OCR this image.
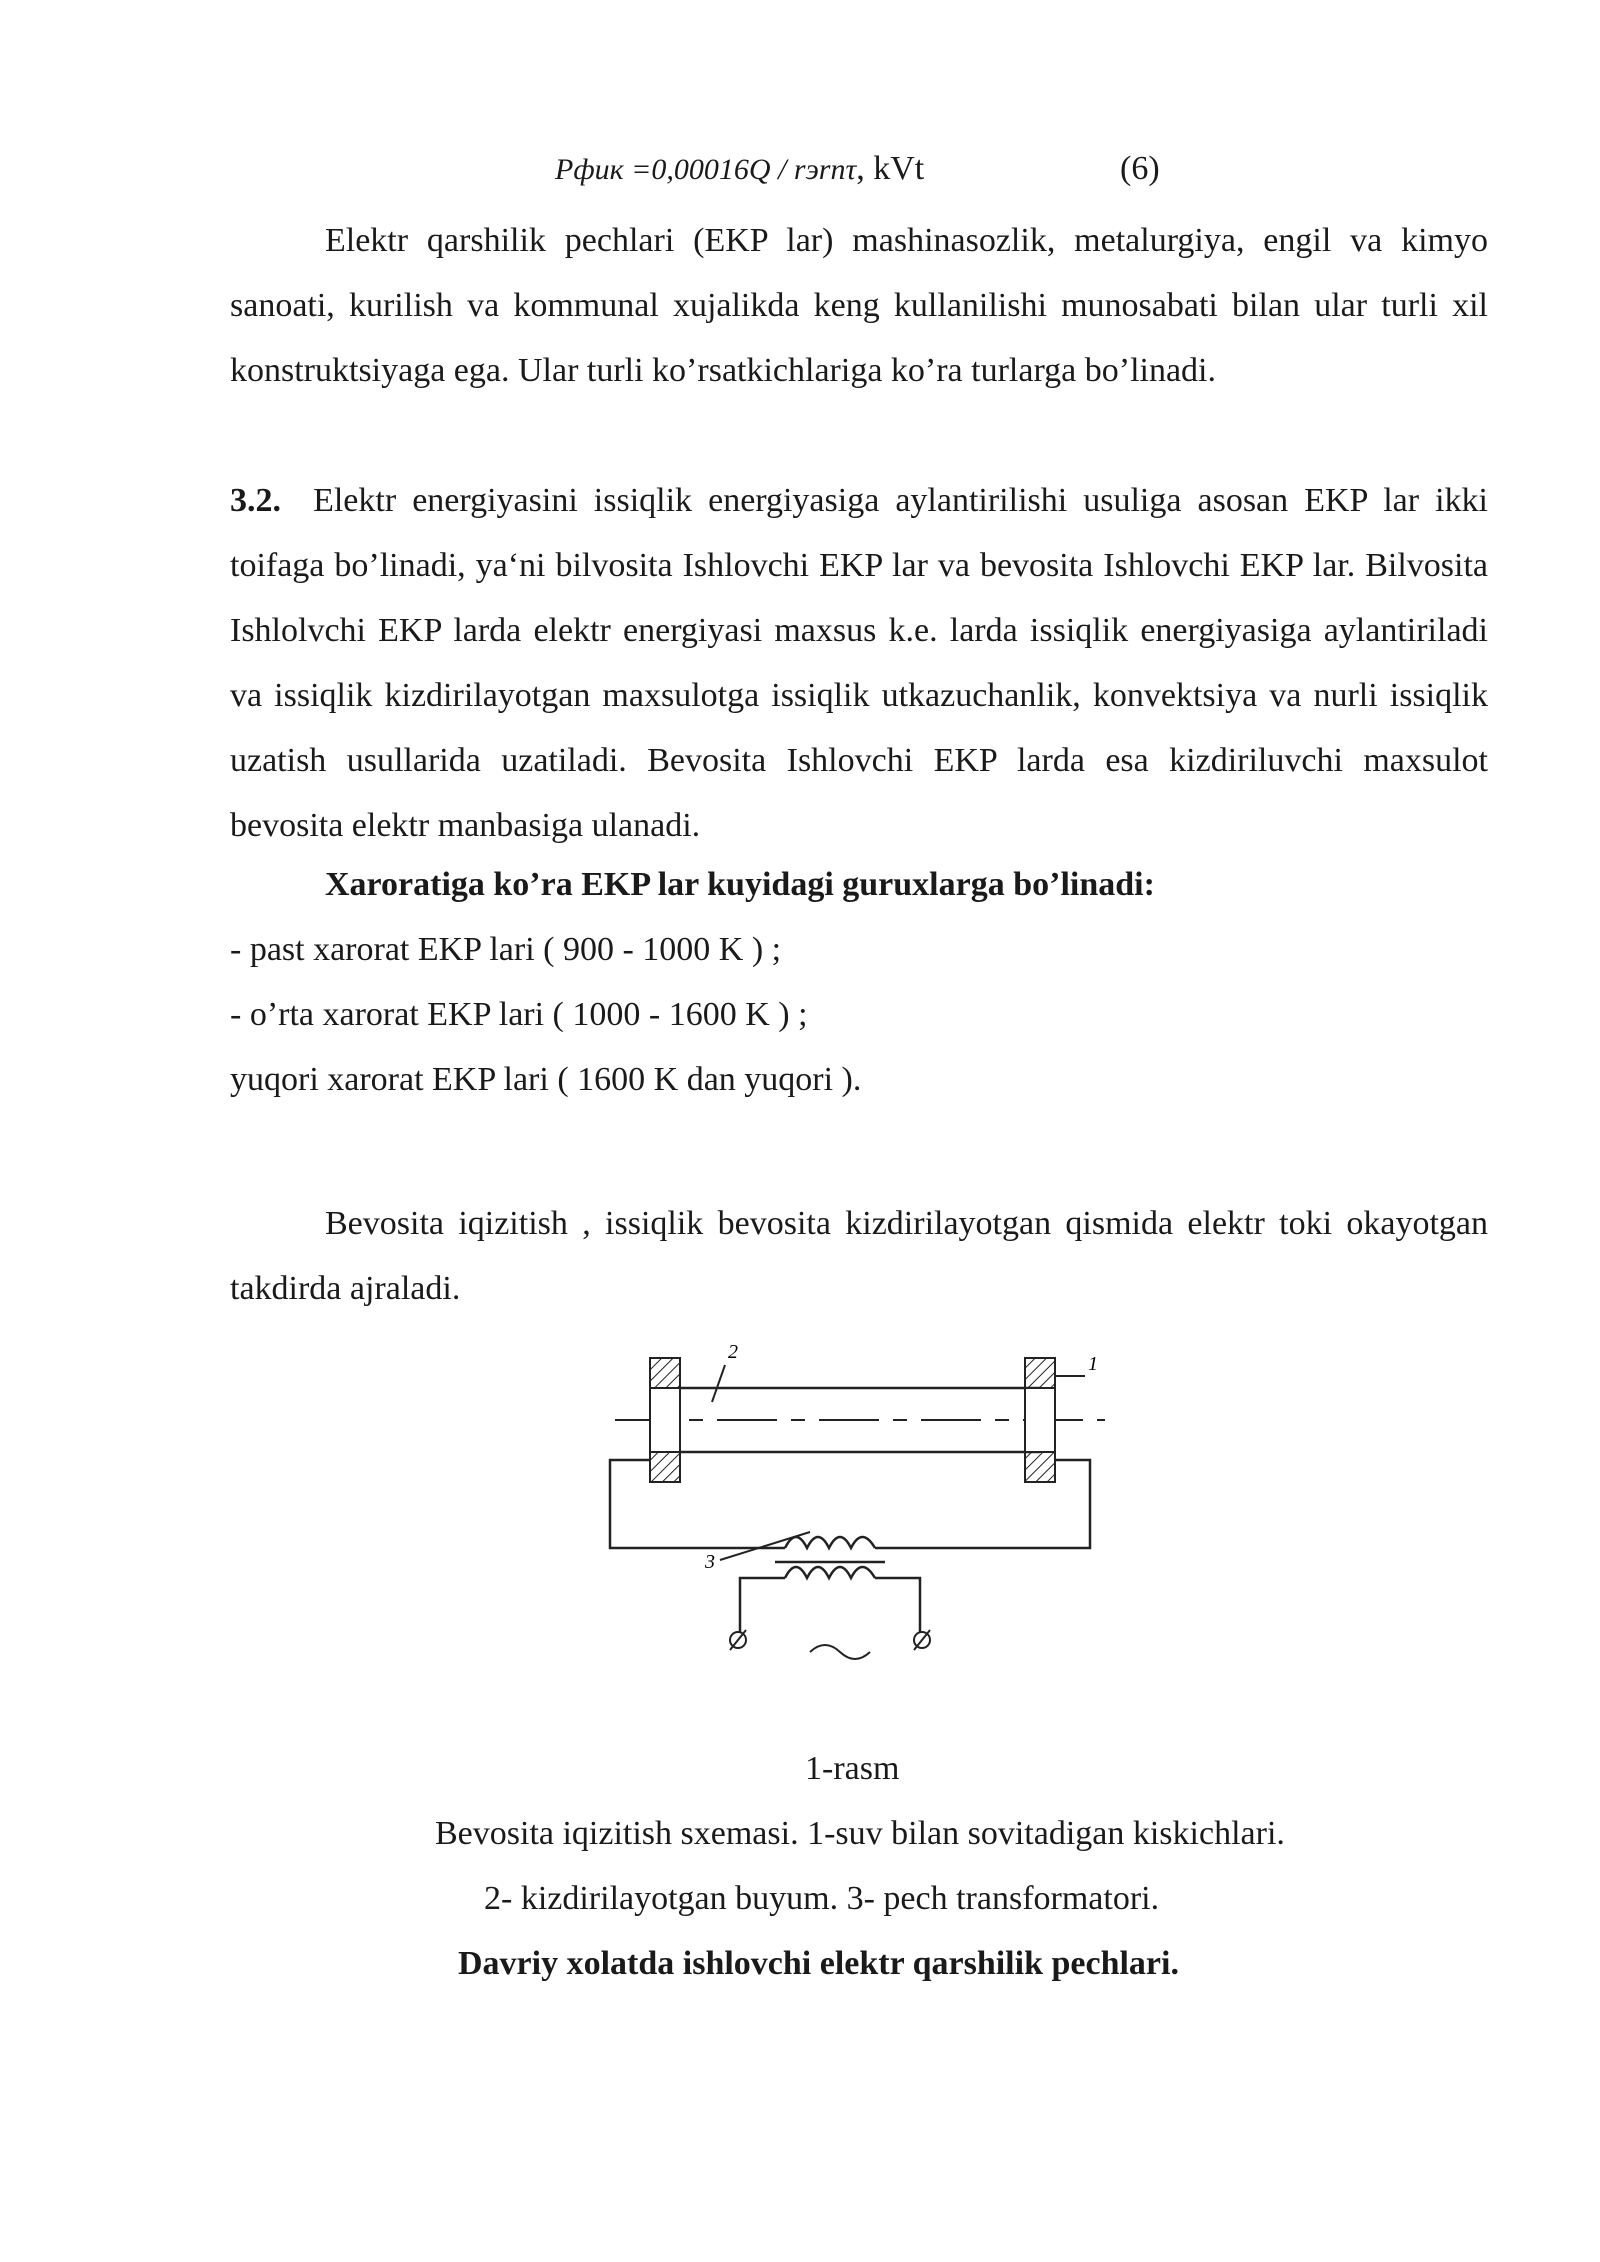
Pфик =0,00016Q / rэrпτ, kVt	(6)
Elektr qarshilik pechlari (EKP lar) mashinasozlik, metalurgiya, engil va kimyo sanoati, kurilish va kommunal xujalikda keng kullanilishi munosabati bilan ular turli xil konstruktsiyaga ega. Ular turli ko’rsatkichlariga ko’ra turlarga bo’linadi.
3.2. Elektr energiyasini issiqlik energiyasiga aylantirilishi usuliga asosan EKP lar ikki toifaga bo’linadi, ya‘ni bilvosita Ishlovchi EKP lar va bevosita Ishlovchi EKP lar. Bilvosita Ishlolvchi EKP larda elektr energiyasi maxsus k.e. larda issiqlik energiyasiga aylantiriladi va issiqlik kizdirilayotgan maxsulotga issiqlik utkazuchanlik, konvektsiya va nurli issiqlik uzatish usullarida uzatiladi. Bevosita Ishlovchi EKP larda esa kizdiriluvchi maxsulot bevosita elektr manbasiga ulanadi.
Xaroratiga ko’ra EKP lar kuyidagi guruxlarga bo’linadi:
- past xarorat EKP lari ( 900 - 1000 K ) ;
- o’rta xarorat EKP lari ( 1000 - 1600 K ) ;
yuqori xarorat EKP lari ( 1600 K dan yuqori ).
Bevosita iqizitish , issiqlik bevosita kizdirilayotgan qismida elektr toki okayotgan takdirda ajraladi.
2
1
3
1-rasm
Bevosita iqizitish sxemasi. 1-suv bilan sovitadigan kiskichlari.
2- kizdirilayotgan buyum. 3- pech transformatori.
Davriy xolatda ishlovchi elektr qarshilik pechlari.
